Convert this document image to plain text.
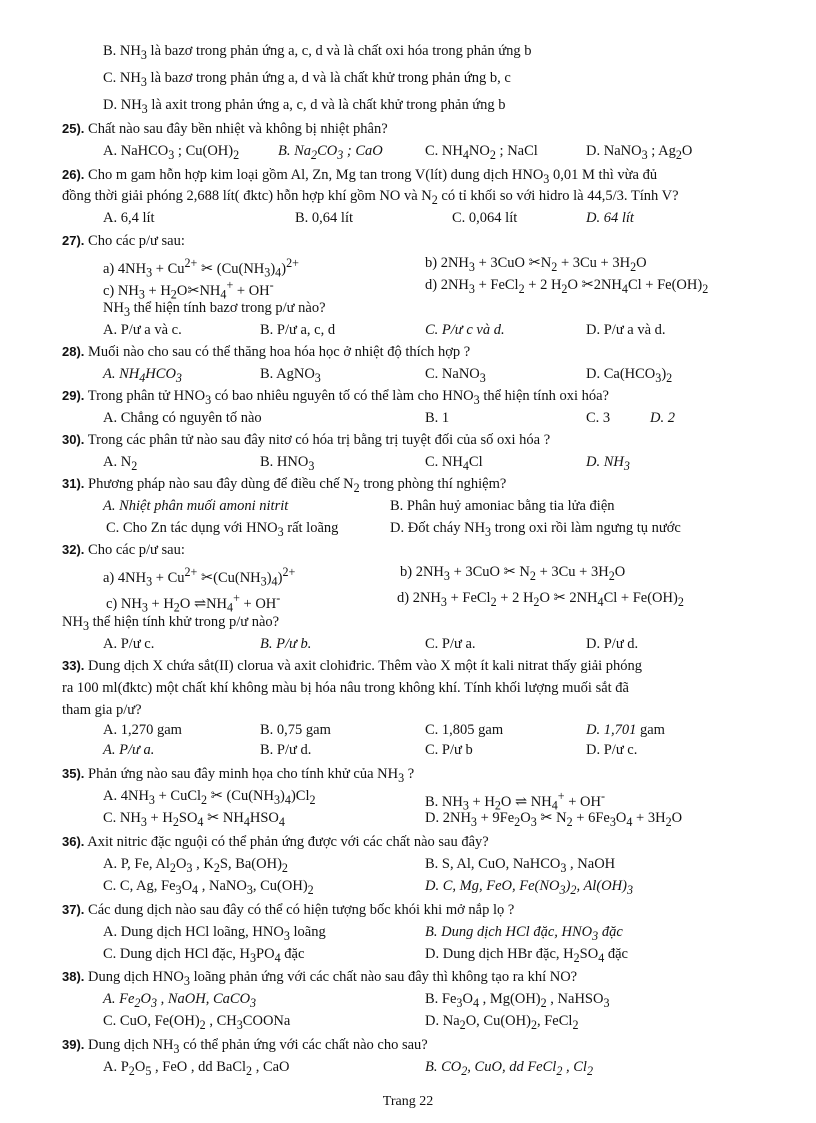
B. $NH_3$ là bazơ trong phản ứng a, c, d và là chất oxi hóa trong phản ứng b
C. $NH_3$ là bazơ trong phản ứng a, d và là chất khử trong phản ứng b, c
D. $NH_3$ là axit trong phản ứng a, c, d và là chất khử trong phản ứng b
25). Chất nào sau đây bền nhiệt và không bị nhiệt phân?
26). Cho m gam hỗn hợp kim loại gồm Al, Zn, Mg tan trong V(lít) dung dịch $HNO_3$ 0,01 M thì vừa đủ
đồng thời giải phóng 2,688 lít( đktc) hỗn hợp khí gồm NO và $N_2$ có tỉ khối so với hidro là 44,5/3. Tính V?
27). Cho các p/ư sau:
$NH_3$ thể hiện tính bazơ trong p/ư nào?
28). Muối nào cho sau có thể thăng hoa hóa học ở nhiệt độ thích hợp ?
29). Trong phân tử $HNO_3$ có bao nhiêu nguyên tố có thể làm cho $HNO_3$ thể hiện tính oxi hóa?
30). Trong các phân tử nào sau đây nitơ có hóa trị bằng trị tuyệt đối của số oxi hóa ?
31). Phương pháp nào sau đây dùng để điều chế $N_2$ trong phòng thí nghiệm?
32). Cho các p/ư sau:
$NH_3$ thể hiện tính khử trong p/ư nào?
33). Dung dịch X chứa sắt(II) clorua và axit clohiđric. Thêm vào X một ít kali nitrat thấy giải phóng
ra 100 ml(đktc) một chất khí không màu bị hóa nâu trong không khí. Tính khối lượng muối sắt đã
tham gia p/ư?
35). Phản ứng nào sau đây minh họa cho tính khử của $NH_3$ ?
36). Axit nitric đặc nguội có thể phản ứng được với các chất nào sau đây?
37). Các dung dịch nào sau đây có thể có hiện tượng bốc khói khi mở nắp lọ ?
38). Dung dịch $HNO_3$ loãng phản ứng với các chất nào sau đây thì không tạo ra khí NO?
39). Dung dịch $NH_3$ có thể phản ứng với các chất nào cho sau?
A. NaHCO$_3$ ; $Cu(OH)_2$	B. $Na_2CO_3$ ; CaO	C. $NH_4NO_2$ ; NaCl	D. NaNO$_3$ ; $Ag_2O$
A. 6,4 lít	B. 0,64 lít	C. 0,064 lít	D. 64 lít
a) $4NH_3 + Cu^{2+}$ ✂ $(Cu(NH_3)_4)^{2+}$	b) $2NH_3 + 3CuO$ $✂N_2 + 3Cu + 3H_2O$
c) $NH_3$ + $H_2O✂NH_4^+ + OH^-$	d) $2NH_3$ + FeCl$_2$ + 2 $H_2O$ $✂2NH_4Cl + Fe(OH)_2$
A. P/ư a và c.	B. P/ư a, c, d	C. P/ư c và d.	D. P/ư a và d.
A. $NH_4HCO_3$	B. AgNO$_3$	C. NaNO$_3$	D. $Ca(HCO_3)_2$
A. Chẳng có nguyên tố nào	B. 1	C. 3	D. 2
A. $N_2$	B. $HNO_3$	C. $NH_4Cl$	D. $NH_3$
A. Nhiệt phân muối amoni nitrit	B. Phân huỷ amoniac bằng tia lửa điện
C. Cho Zn tác dụng với $HNO_3$ rất loãng	D. Đốt cháy $NH_3$ trong oxi rồi làm ngưng tụ nước
a) $4NH_3 + Cu^{2+}$ $✂(Cu(NH_3)_4)^{2+}$	b) $2NH_3 + 3CuO$ ✂ $N_2 + 3Cu + 3H_2O$
c) $NH_3 + H_2O$ $\rightleftharpoons NH_4^+ + OH^-$	d) $2NH_3$ + FeCl$_2$ + 2 $H_2O$ ✂ $2NH_4Cl + Fe(OH)_2$
A. P/ư c.	B. P/ư b.	C. P/ư a.	D. P/ư d.
A. 1,270 gam	B. 0,75 gam	C. 1,805 gam	D. 1,701 gam
A. P/ư a.	B. P/ư d.	C. P/ư b	D. P/ư c.
A. $4NH_3$ + CuCl$_2$ ✂ $(Cu(NH_3)_4)Cl_2$	B. $NH_3 + H_2O$ ⇌ $NH_4^+ + OH^-$
C. $NH_3 + H_2SO_4$ ✂ $NH_4HSO_4$	D. $2NH_3 + 9Fe_2O_3$ ✂ $N_2 + 6Fe_3O_4 + 3H_2O$
A. P, Fe, $Al_2O_3$ , $K_2S$, $Ba(OH)_2$	B. S, Al, CuO, NaHCO$_3$ , NaOH
C. C, Ag, $Fe_3O_4$ , NaNO$_3$, $Cu(OH)_2$	D. C, Mg, FeO, $Fe(NO_3)_2$, $Al(OH)_3$
A. Dung dịch HCl loãng, $HNO_3$ loãng	B. Dung dịch HCl đặc, $HNO_3$ đặc
C. Dung dịch HCl đặc, $H_3PO_4$ đặc	D. Dung dịch HBr đặc, $H_2SO_4$ đặc
A. $Fe_2O_3$ , NaOH, CaCO$_3$	B. $Fe_3O_4$ , $Mg(OH)_2$ , NaHSO$_3$
C. CuO, $Fe(OH)_2$ , $CH_3COONa$	D. $Na_2O$, $Cu(OH)_2$, FeCl$_2$
A. $P_2O_5$ , FeO , dd BaCl$_2$ , CaO	B. $CO_2$, CuO, dd FeCl$_2$ , $Cl_2$
Trang 22
